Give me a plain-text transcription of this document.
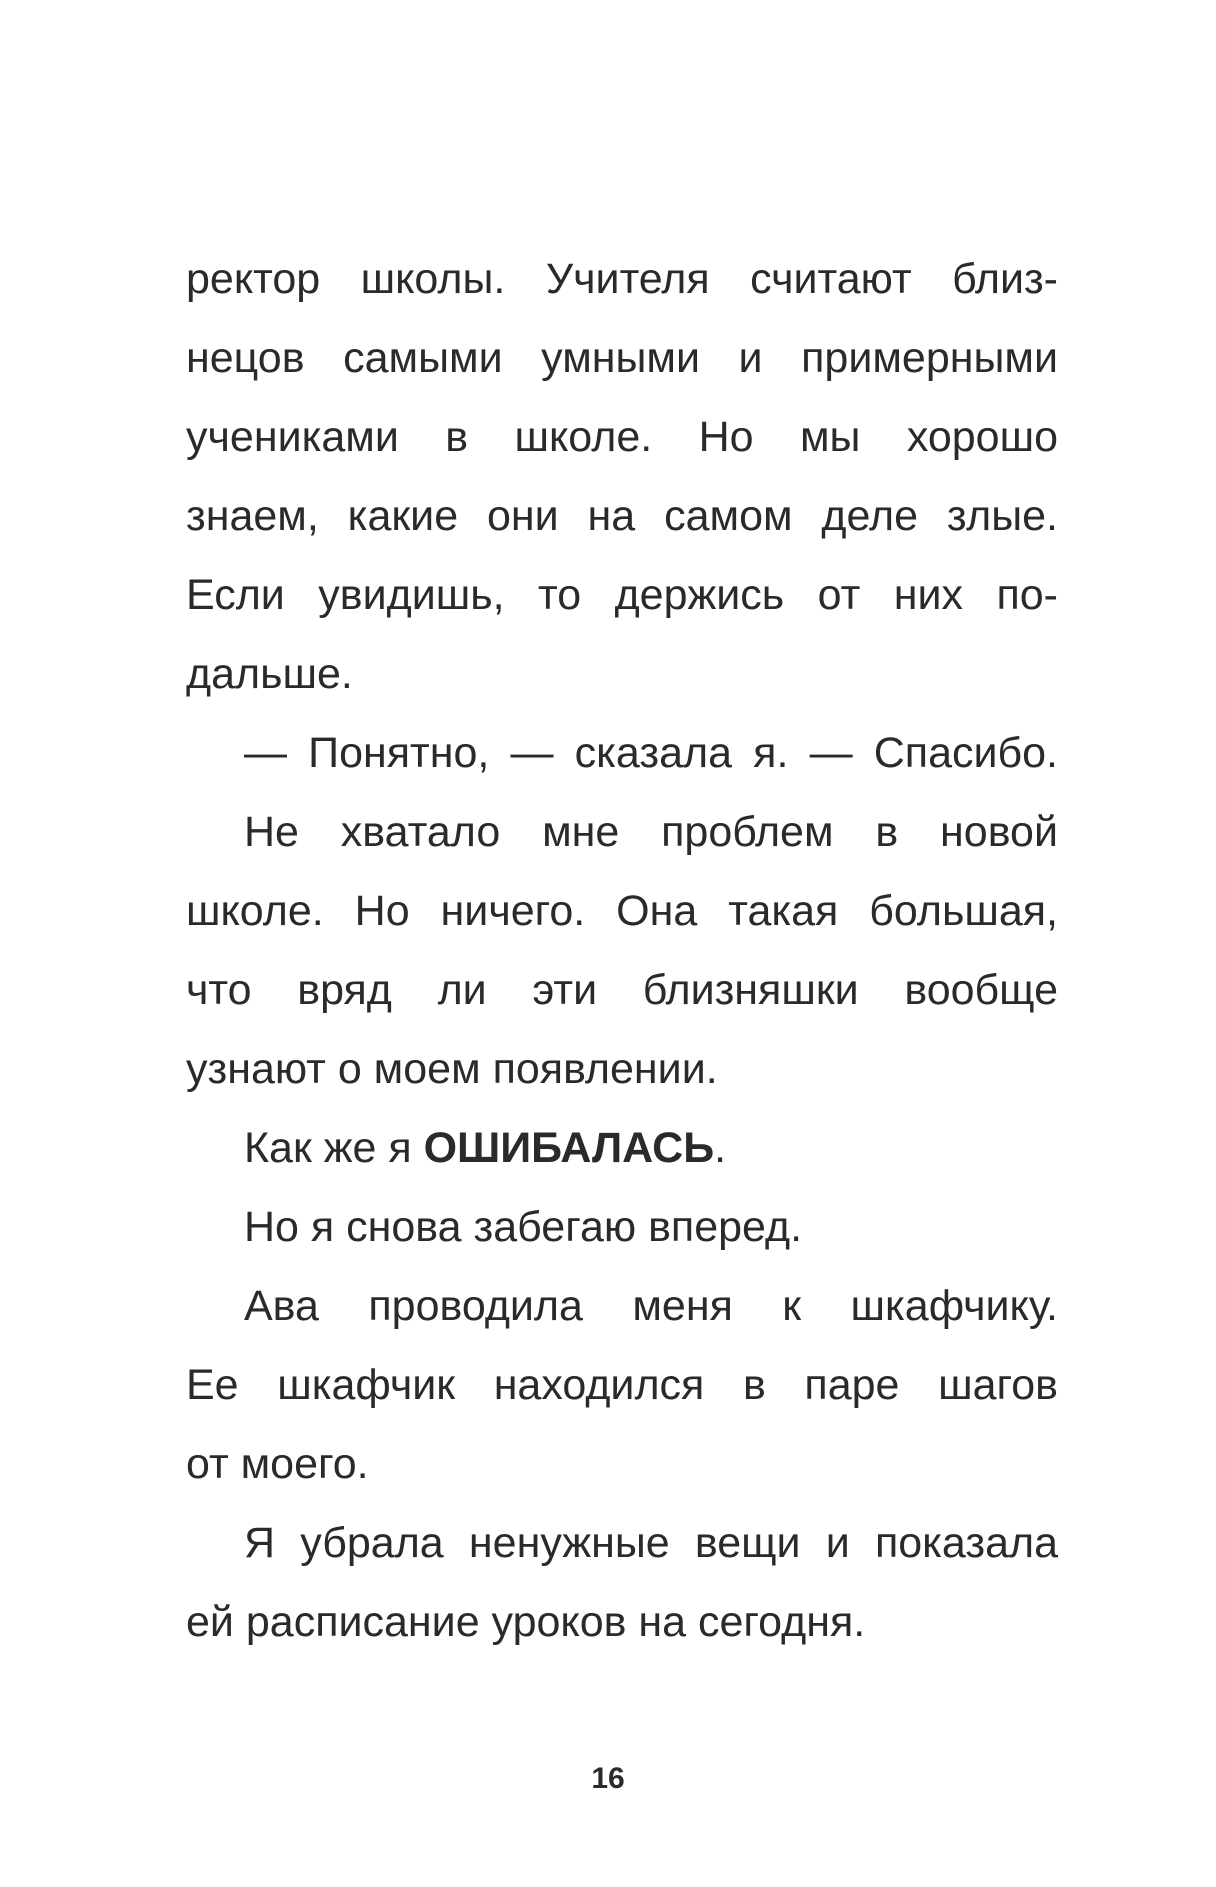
ректор школы. Учителя считают близ-
нецов самыми умными и примерными
учениками в школе. Но мы хорошо
знаем, какие они на самом деле злые.
Если увидишь, то держись от них по-
дальше.
— Понятно, — сказала я. — Спасибо.
Не хватало мне проблем в новой
школе. Но ничего. Она такая большая,
что вряд ли эти близняшки вообще
узнают о моем появлении.
Как же я ОШИБАЛАСЬ.
Но я снова забегаю вперед.
Ава проводила меня к шкафчику.
Ее шкафчик находился в паре шагов
от моего.
Я убрала ненужные вещи и показала
ей расписание уроков на сегодня.
16
